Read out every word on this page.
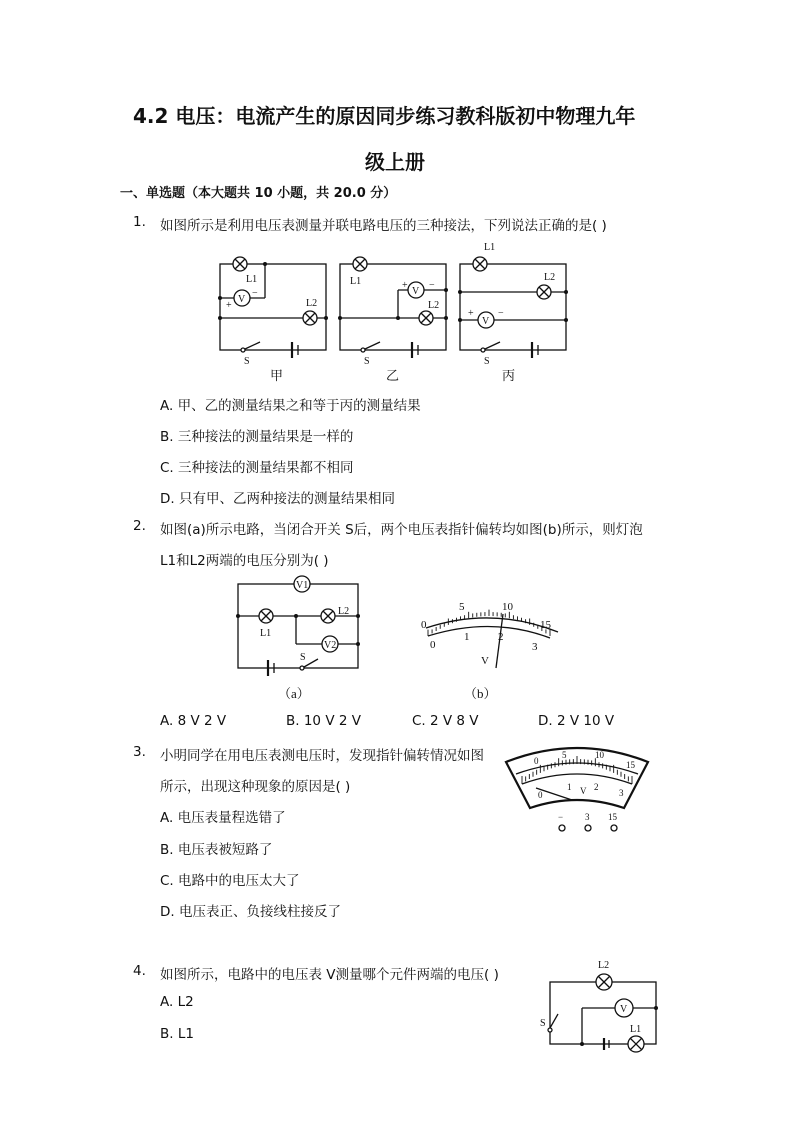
4.2 电压：电流产生的原因同步练习教科版初中物理九年
级上册
一、单选题（本大题共 10 小题，共 20.0 分）
1. 如图所示是利用电压表测量并联电路电压的三种接法，下列说法正确的是( )
V
+
−
L1
L2
S
甲
L1
V
+ −
L2
S
乙
L1
L2
V
+ −
S
丙
A. 甲、乙的测量结果之和等于丙的测量结果
B. 三种接法的测量结果是一样的
C. 三种接法的测量结果都不相同
D. 只有甲、乙两种接法的测量结果相同
2. 如图(a)所示电路，当闭合开关 S后，两个电压表指针偏转均如图(b)所示，则灯泡
L1和L2两端的电压分别为( )
V1
L1
L2
V2
S
（a）
0
5	10
15
0
1	2
3
V
（b）
A. 8 V 2 V	B. 10 V 2 V	C. 2 V 8 V	D. 2 V 10 V
3. 小明同学在用电压表测电压时，发现指针偏转情况如图
所示，出现这种现象的原因是( )
0
5	10
15
0
1	2
3
V
− 3 15
A. 电压表量程选错了
B. 电压表被短路了
C. 电路中的电压太大了
D. 电压表正、负接线柱接反了
4. 如图所示，电路中的电压表 V测量哪个元件两端的电压( )
L2
V
L1
S
A. L2
B. L1
